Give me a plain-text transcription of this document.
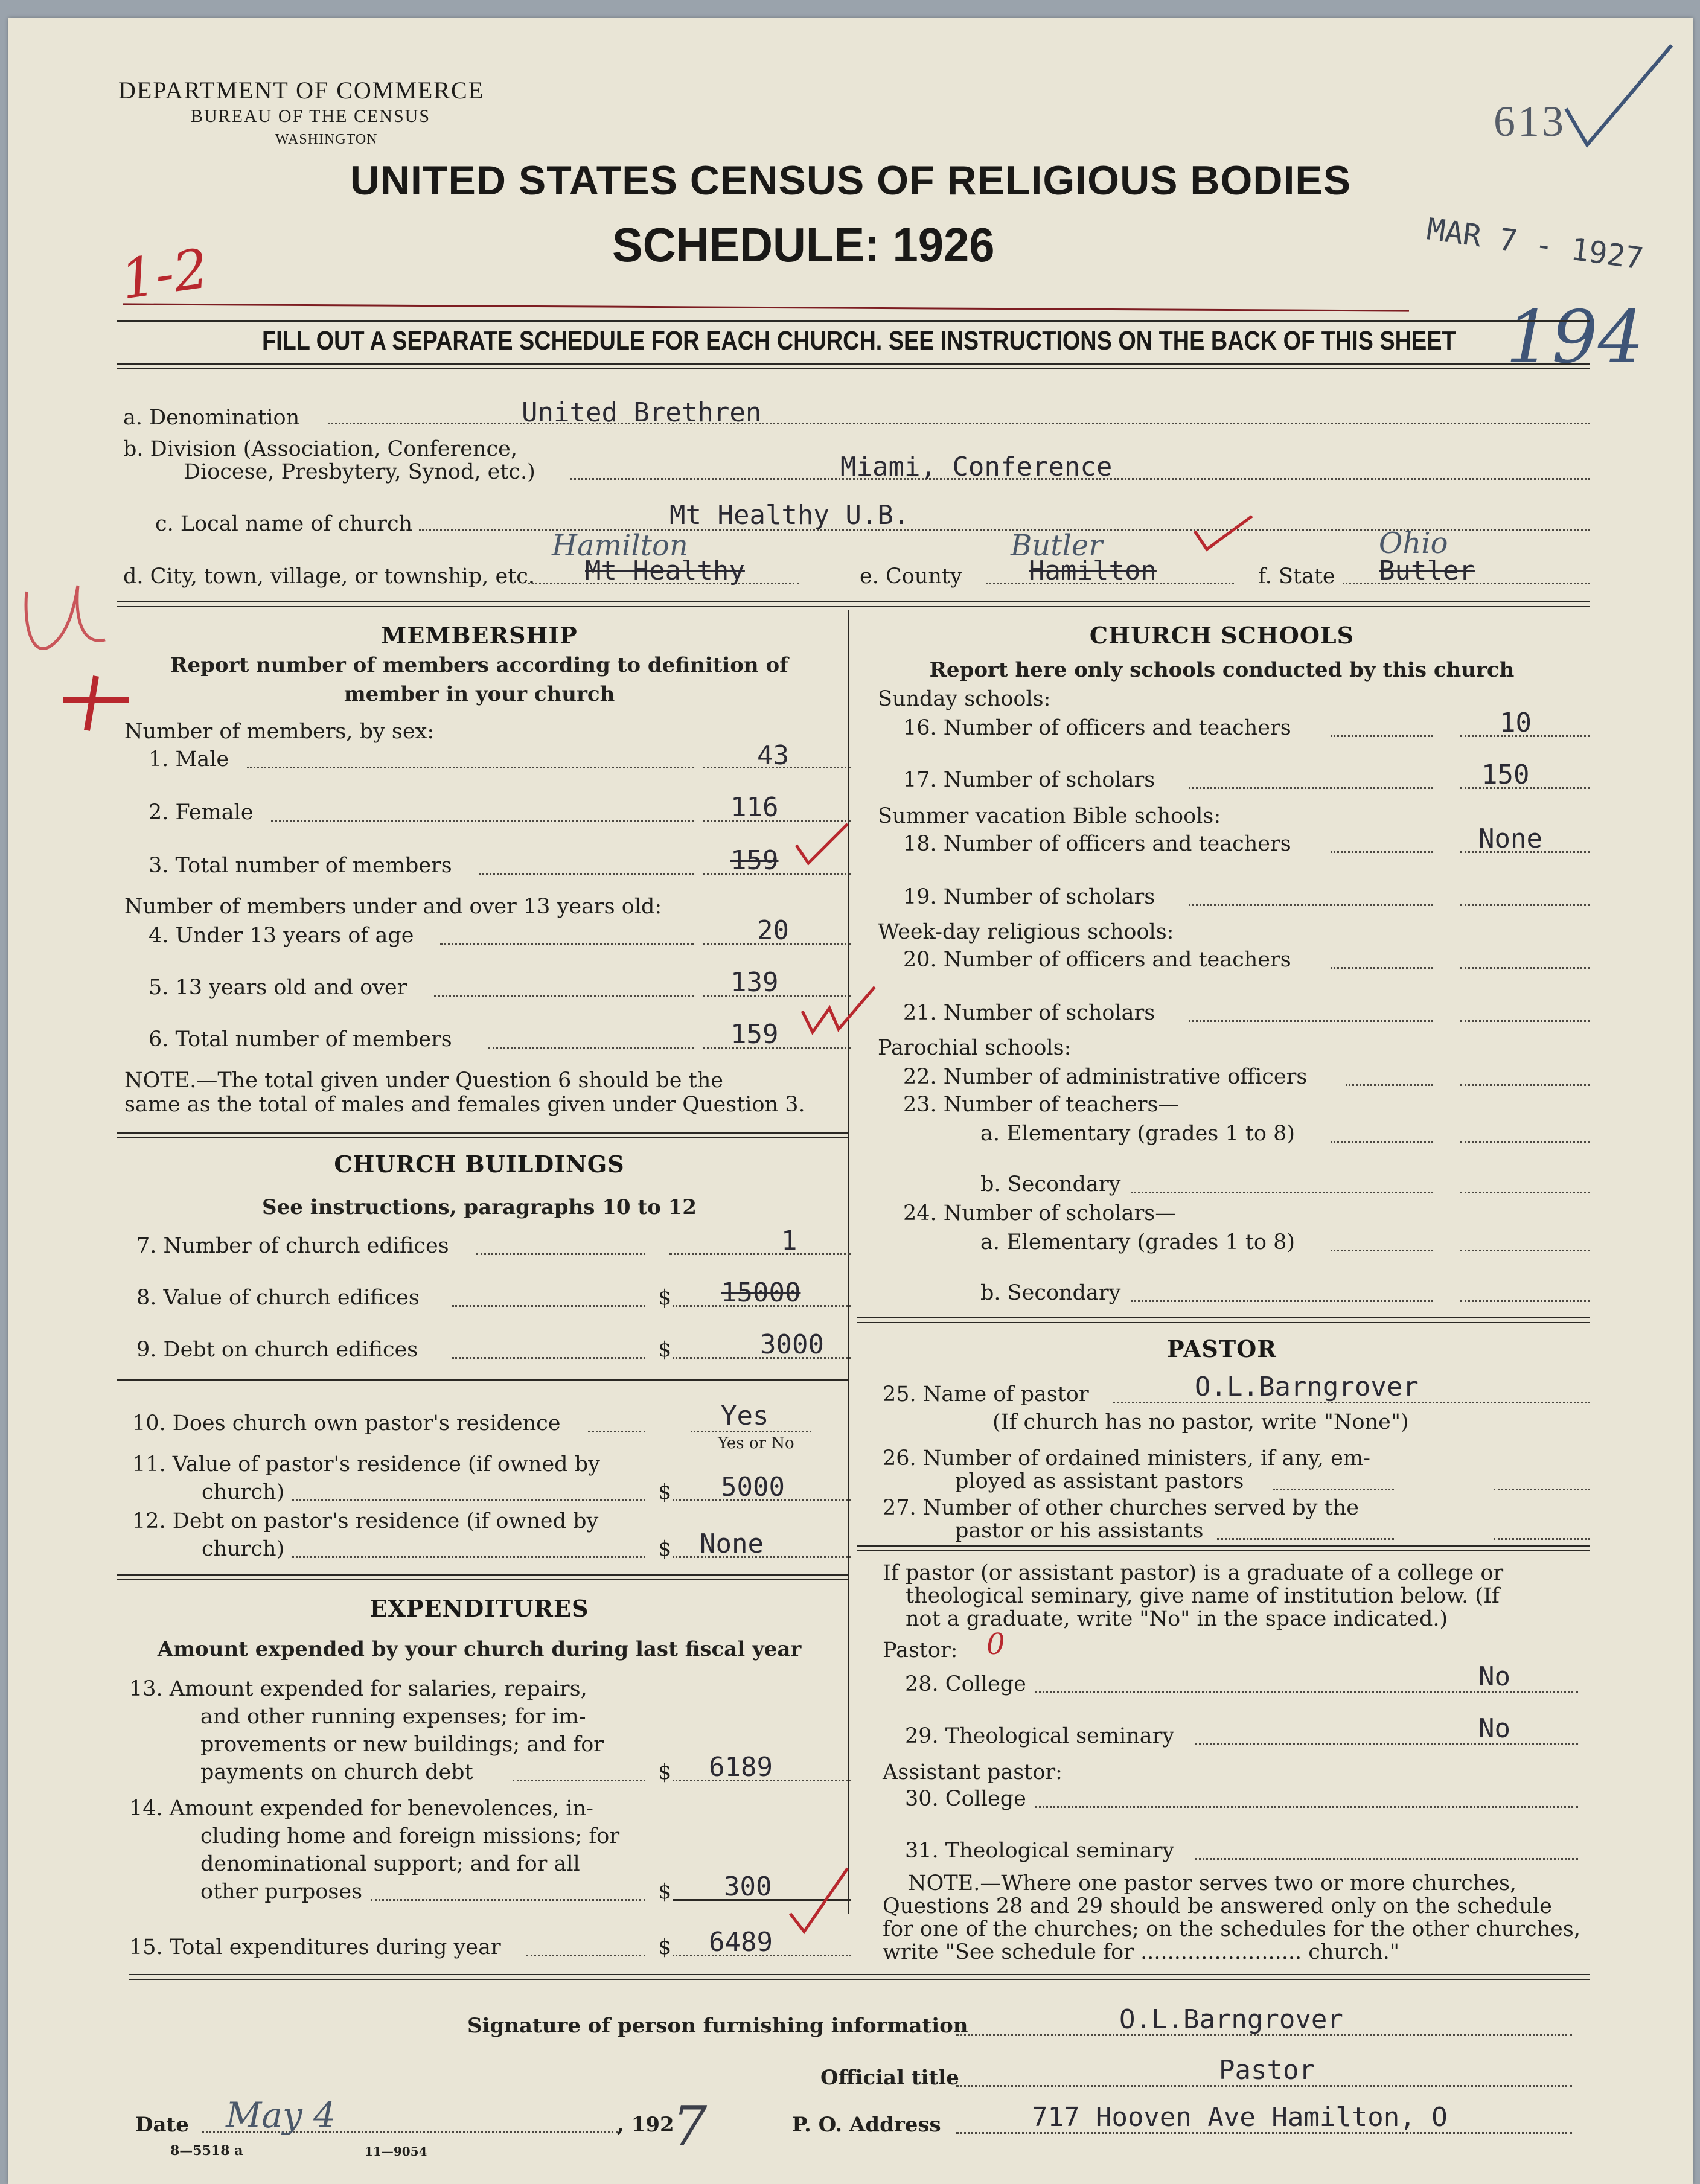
DEPARTMENT OF COMMERCE
BUREAU OF THE CENSUS
WASHINGTON
UNITED STATES CENSUS OF RELIGIOUS BODIES
SCHEDULE: 1926
613
MAR 7 - 1927
1-2
194
FILL OUT A SEPARATE SCHEDULE FOR EACH CHURCH. SEE INSTRUCTIONS ON THE BACK OF THIS SHEET
a. Denomination	United Brethren
b. Division (Association, Conference,
Diocese, Presbytery, Synod, etc.)	Miami, Conference
c. Local name of church	Mt Healthy U.B.
d. City, town, village, or township, etc. Mt Healthy
Hamilton
e. County	Hamilton
Butler
f. State Butler
Ohio
MEMBERSHIP
Report number of members according to definition of
member in your church
Number of members, by sex:
1. Male	43
2. Female	116
3. Total number of members	159
Number of members under and over 13 years old:
4. Under 13 years of age	20
5. 13 years old and over	139
6. Total number of members	159
NOTE.—The total given under Question 6 should be the
same as the total of males and females given under Question 3.
CHURCH BUILDINGS
See instructions, paragraphs 10 to 12
7. Number of church edifices	1
8. Value of church edifices	$ 15000
9. Debt on church edifices	$	3000
10. Does church own pastor's residence	Yes
Yes or No
11. Value of pastor's residence (if owned by
church)	$ 5000
12. Debt on pastor's residence (if owned by
church)	$ None
EXPENDITURES
Amount expended by your church during last fiscal year
13. Amount expended for salaries, repairs,
and other running expenses; for im-
provements or new buildings; and for
payments on church debt	$ 6189
14. Amount expended for benevolences, in-
cluding home and foreign missions; for
denominational support; and for all
other purposes	$ 300
15. Total expenditures during year	$ 6489
CHURCH SCHOOLS
Report here only schools conducted by this church
Sunday schools:
16. Number of officers and teachers	10
17. Number of scholars	150
Summer vacation Bible schools:
18. Number of officers and teachers	None
19. Number of scholars
Week-day religious schools:
20. Number of officers and teachers
21. Number of scholars
Parochial schools:
22. Number of administrative officers
23. Number of teachers—
a. Elementary (grades 1 to 8)
b. Secondary
24. Number of scholars—
a. Elementary (grades 1 to 8)
b. Secondary
PASTOR
25. Name of pastor	O.L.Barngrover
(If church has no pastor, write "None")
26. Number of ordained ministers, if any, em-
ployed as assistant pastors
27. Number of other churches served by the
pastor or his assistants
If pastor (or assistant pastor) is a graduate of a college or
theological seminary, give name of institution below. (If
not a graduate, write "No" in the space indicated.)
Pastor: 0
28. College	No
29. Theological seminary	No
Assistant pastor:
30. College
31. Theological seminary
NOTE.—Where one pastor serves two or more churches,
Questions 28 and 29 should be answered only on the schedule
for one of the churches; on the schedules for the other churches,
write "See schedule for ........................ church."
Signature of person furnishing information	O.L.Barngrover
Official title	Pastor
Date May 4	, 192
7	P. O. Address	717 Hooven Ave Hamilton, O
8—5518 a	11—9054
